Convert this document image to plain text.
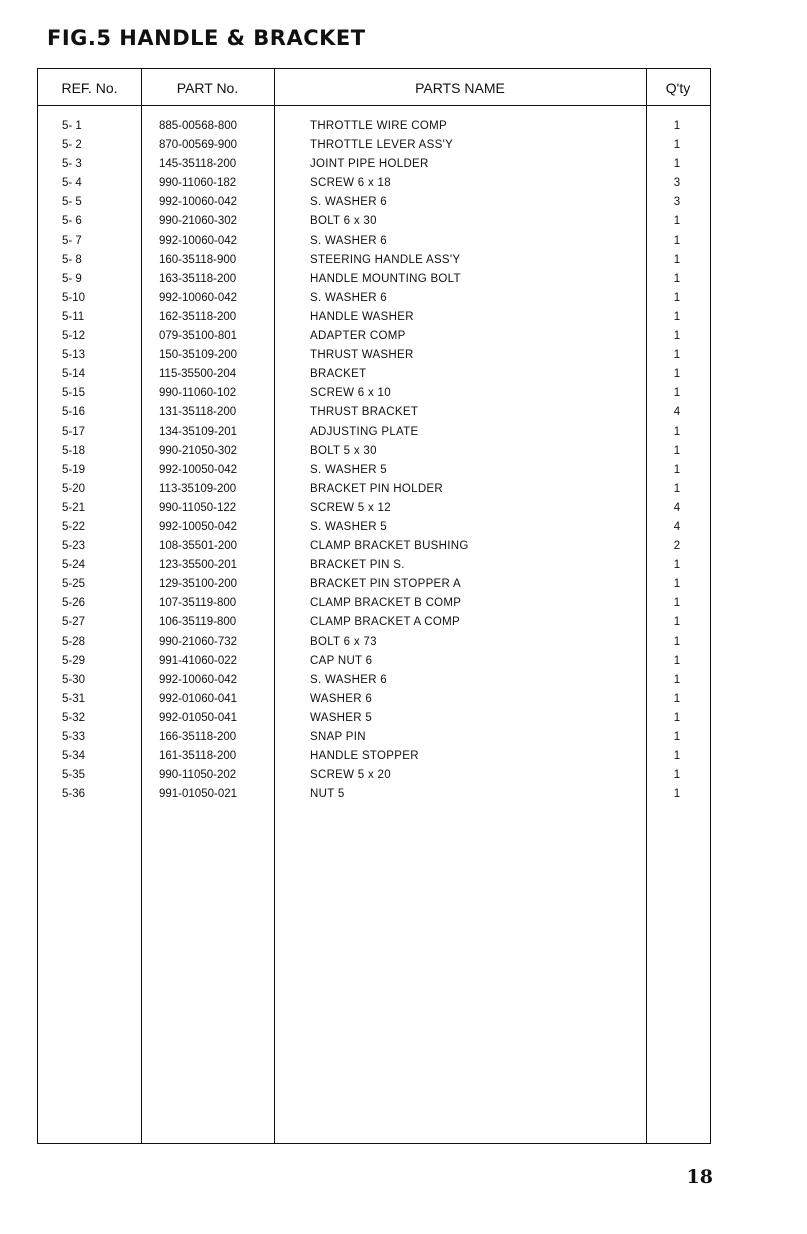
FIG.5 HANDLE & BRACKET
REF. No.	PART No.	PARTS NAME	Q'ty
5- 1	885-00568-800	THROTTLE WIRE COMP	1
5- 2	870-00569-900	THROTTLE LEVER ASS'Y	1
5- 3	145-35118-200	JOINT PIPE HOLDER	1
5- 4	990-11060-182	SCREW 6 x 18	3
5- 5	992-10060-042	S. WASHER 6	3
5- 6	990-21060-302	BOLT 6 x 30	1
5- 7	992-10060-042	S. WASHER 6	1
5- 8	160-35118-900	STEERING HANDLE ASS'Y	1
5- 9	163-35118-200	HANDLE MOUNTING BOLT	1
5-10	992-10060-042	S. WASHER 6	1
5-11	162-35118-200	HANDLE WASHER	1
5-12	079-35100-801	ADAPTER COMP	1
5-13	150-35109-200	THRUST WASHER	1
5-14	115-35500-204	BRACKET	1
5-15	990-11060-102	SCREW 6 x 10	1
5-16	131-35118-200	THRUST BRACKET	4
5-17	134-35109-201	ADJUSTING PLATE	1
5-18	990-21050-302	BOLT 5 x 30	1
5-19	992-10050-042	S. WASHER 5	1
5-20	113-35109-200	BRACKET PIN HOLDER	1
5-21	990-11050-122	SCREW 5 x 12	4
5-22	992-10050-042	S. WASHER 5	4
5-23	108-35501-200	CLAMP BRACKET BUSHING	2
5-24	123-35500-201	BRACKET PIN S.	1
5-25	129-35100-200	BRACKET PIN STOPPER A	1
5-26	107-35119-800	CLAMP BRACKET B COMP	1
5-27	106-35119-800	CLAMP BRACKET A COMP	1
5-28	990-21060-732	BOLT 6 x 73	1
5-29	991-41060-022	CAP NUT 6	1
5-30	992-10060-042	S. WASHER 6	1
5-31	992-01060-041	WASHER 6	1
5-32	992-01050-041	WASHER 5	1
5-33	166-35118-200	SNAP PIN	1
5-34	161-35118-200	HANDLE STOPPER	1
5-35	990-11050-202	SCREW 5 x 20	1
5-36	991-01050-021	NUT 5	1
18
